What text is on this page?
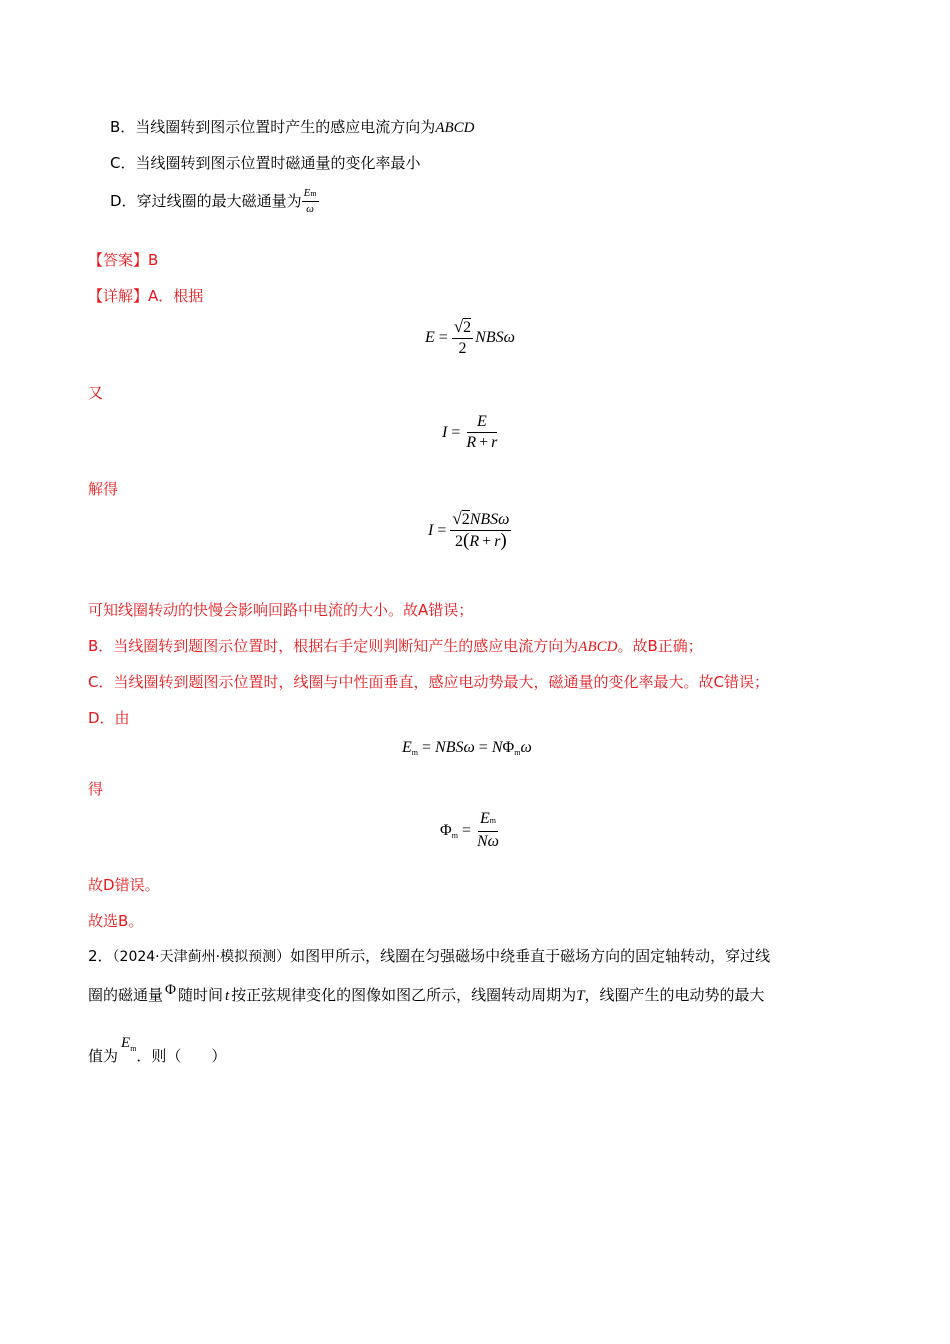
B．当线圈转到图示位置时产生的感应电流方向为ABCD
C．当线圈转到图示位置时磁通量的变化率最小
D． 穿过线圈的最大磁通量为 $\frac{Em}{\omega}$
【答案】B
【详解】A．根据
$E = \frac{√ 2}{2}$ NBSω
又
$I = \frac{E}{R + r}$
解得
$I = \frac{\text{√ 2 NBSω}}{2(R + r)}$
可知线圈转动的快慢会影响回路中电流的大小。故A错误；
B．当线圈转到题图示位置时，根据右手定则判断知产生的感应电流方向为ABCD。故B正确；
C．当线圈转到题图示位置时，线圈与中性面垂直，感应电动势最大，磁通量的变化率最大。故C错误；
D．由
E m = NBSω = N Φ m ω
得
Φ $m = \frac{Em}{N\omega}$
故D错误。
故选B。
2．（2024·天津蓟州·模拟预测）如图甲所示，线圈在匀强磁场中绕垂直于磁场方向的固定轴转动，穿过线
圈的磁通量 Φ 随时间 t 按正弦规律变化的图像如图乙所示，线圈转动周期为T，线圈产生的电动势的最大
值为$E^m$．则（　　）
